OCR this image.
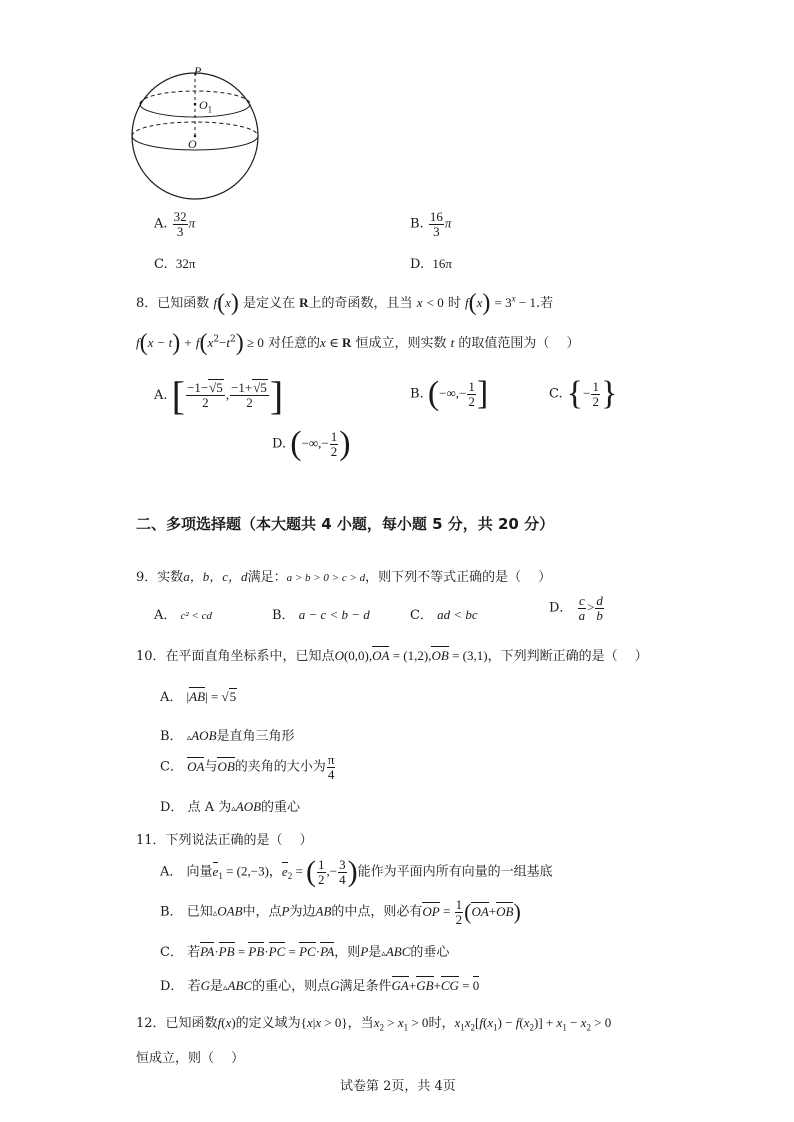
P
$O_1$
O
A. $\frac{32}{3}$ π	B. $\frac{16}{3}$ π
C. 32π	D. 16π
8．已知函数 f(x) 是定义在 R上的奇函数，且当 x < 0 时 $f(x) = 3^x - 1$.若
$f(x - t) + f(x^2-t^2) \ge 0$ 对任意的x ∈ R 恒成立，则实数 t 的取值范围为（　 ）
A. [ $\frac{-1-√5}{2}$ , $\frac{-1+√5}{2}$ ]	B. (−∞,− $\frac{1}{2}$ ]	C. {− $\frac{1}{2}$ }
D. (−∞,− $\frac{1}{2}$ )
二、多项选择题（本大题共 4 小题，每小题 5 分，共 20 分）
9．实数a，b，c，d满足：a > b > 0 > c > d，则下列不等式正确的是（　 ）
A． c² < cd	B． a − c < b − d	C． ad < bc	D． $\frac{c}{a} > \frac{d}{b}$
10．在平面直角坐标系中，已知点O(0,0),OA = (1,2),OB = (3,1)，下列判断正确的是（　 ）
A． |AB| = √5
B． ▵AOB是直角三角形
C． OA与OB的夹角的大小为 $\frac{\pi}{4}$
D． 点 A 为▵AOB的重心
11．下列说法正确的是（　 ）
A． 向量$e_1 = (2,-3)$，$e_2$ = ( $\frac{1}{2}$ ,− $\frac{3}{4}$ )能作为平面内所有向量的一组基底
B． 已知▵OAB中，点P为边AB的中点，则必有OP = $\frac{1}{2} (OA+OB)$
C． 若PA·PB = PB·PC = PC·PA，则P是▵ABC的垂心
D． 若G是▵ABC的重心，则点G满足条件GA+GB+CG = 0
12．已知函数f(x)的定义域为{x|x > 0}，当$x_2 > x_1 > 0$时，$x_1x_2[f(x_1) - f(x_2)] + x_1 - x_2 > 0$
恒成立，则（　 ）
试卷第 2页，共 4页
